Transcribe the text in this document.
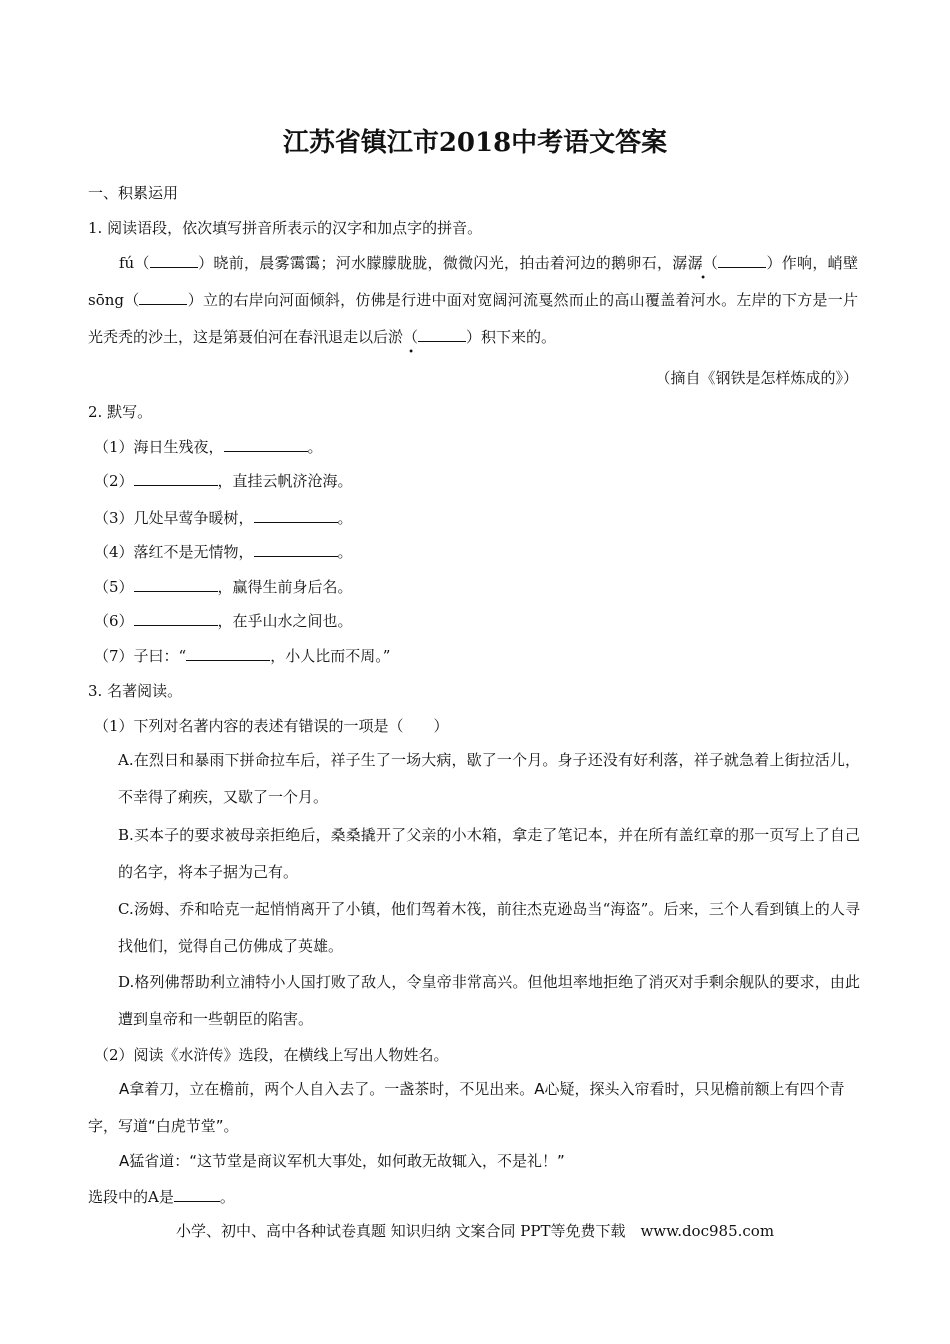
江苏省镇江市2018中考语文答案
一、积累运用
1. 阅读语段，依次填写拼音所表示的汉字和加点字的拼音。
fú（	）晓前，晨雾霭霭；河水朦朦胧胧，微微闪光，拍击着河边的鹅卵石，潺潺（	）作响，峭壁 sōng（	）立的右岸向河面倾斜，仿佛是行进中面对宽阔河流戛然而止的高山覆盖着河水。左岸的下方是一片光秃秃的沙土，这是第聂伯河在春汛退走以后淤（	）积下来的。
（摘自《钢铁是怎样炼成的》）
2. 默写。
（1）海日生残夜，	。
（2）	，直挂云帆济沧海。
（3）几处早莺争暖树，	。
（4）落红不是无情物，	。
（5）	，赢得生前身后名。
（6）	，在乎山水之间也。
（7）子曰：“	，小人比而不周。”
3. 名著阅读。
（1）下列对名著内容的表述有错误的一项是（　　）
A.在烈日和暴雨下拼命拉车后，祥子生了一场大病，歇了一个月。身子还没有好利落，祥子就急着上街拉活儿，不幸得了痢疾，又歇了一个月。
B.买本子的要求被母亲拒绝后，桑桑撬开了父亲的小木箱，拿走了笔记本，并在所有盖红章的那一页写上了自己的名字，将本子据为己有。
C.汤姆、乔和哈克一起悄悄离开了小镇，他们驾着木筏，前往杰克逊岛当“海盗”。后来，三个人看到镇上的人寻找他们，觉得自己仿佛成了英雄。
D.格列佛帮助利立浦特小人国打败了敌人，令皇帝非常高兴。但他坦率地拒绝了消灭对手剩余舰队的要求，由此遭到皇帝和一些朝臣的陷害。
（2）阅读《水浒传》选段，在横线上写出人物姓名。
A拿着刀，立在檐前，两个人自入去了。一盏茶时，不见出来。A心疑，探头入帘看时，只见檐前额上有四个青字，写道“白虎节堂”。
A猛省道：“这节堂是商议军机大事处，如何敢无故辄入，不是礼！”
选段中的A是	。
小学、初中、高中各种试卷真题 知识归纳 文案合同 PPT等免费下载　www.doc985.com
